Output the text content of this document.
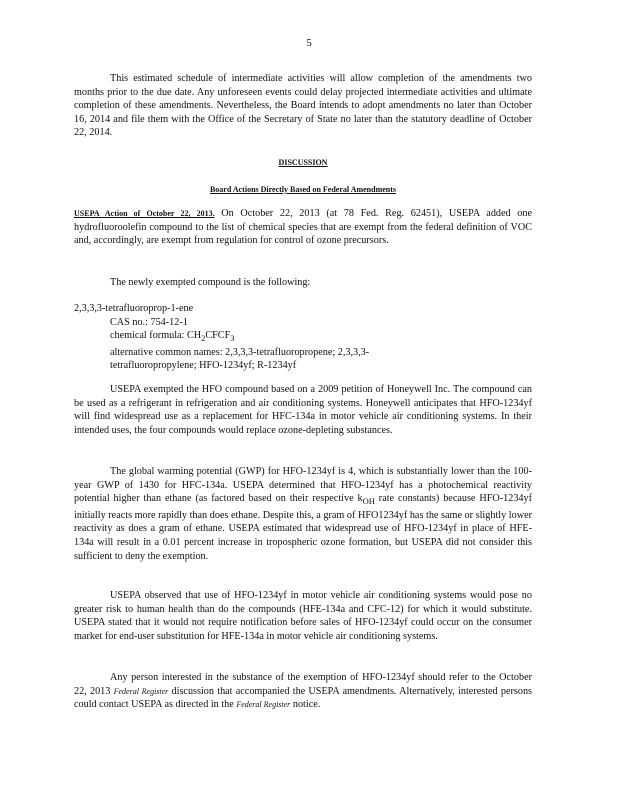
5
This estimated schedule of intermediate activities will allow completion of the amendments two months prior to the due date. Any unforeseen events could delay projected intermediate activities and ultimate completion of these amendments. Nevertheless, the Board intends to adopt amendments no later than October 16, 2014 and file them with the Office of the Secretary of State no later than the statutory deadline of October 22, 2014.
DISCUSSION
Board Actions Directly Based on Federal Amendments
USEPA Action of October 22, 2013. On October 22, 2013 (at 78 Fed. Reg. 62451), USEPA added one hydrofluoroolefin compound to the list of chemical species that are exempt from the federal definition of VOC and, accordingly, are exempt from regulation for control of ozone precursors.
The newly exempted compound is the following:
2,3,3,3-tetrafluoroprop-1-ene
CAS no.: 754-12-1
chemical formula: $CH_2CFCF_3$
alternative common names: 2,3,3,3-tetrafluoropropene; 2,3,3,3-
tetrafluoropropylene; HFO-1234yf; R-1234yf
USEPA exempted the HFO compound based on a 2009 petition of Honeywell Inc. The compound can be used as a refrigerant in refrigeration and air conditioning systems. Honeywell anticipates that HFO-1234yf will find widespread use as a replacement for HFC-134a in motor vehicle air conditioning systems. In their intended uses, the four compounds would replace ozone-depleting substances.
The global warming potential (GWP) for HFO-1234yf is 4, which is substantially lower than the 100-year GWP of 1430 for HFC-134a. USEPA determined that HFO-1234yf has a photochemical reactivity potential higher than ethane (as factored based on their respective $k_{OH}$ rate constants) because HFO-1234yf initially reacts more rapidly than does ethane. Despite this, a gram of HFO1234yf has the same or slightly lower reactivity as does a gram of ethane. USEPA estimated that widespread use of HFO-1234yf in place of HFE-134a will result in a 0.01 percent increase in tropospheric ozone formation, but USEPA did not consider this sufficient to deny the exemption.
USEPA observed that use of HFO-1234yf in motor vehicle air conditioning systems would pose no greater risk to human health than do the compounds (HFE-134a and CFC-12) for which it would substitute. USEPA stated that it would not require notification before sales of HFO-1234yf could occur on the consumer market for end-user substitution for HFE-134a in motor vehicle air conditioning systems.
Any person interested in the substance of the exemption of HFO-1234yf should refer to the October 22, 2013 Federal Register discussion that accompanied the USEPA amendments. Alternatively, interested persons could contact USEPA as directed in the Federal Register notice.
